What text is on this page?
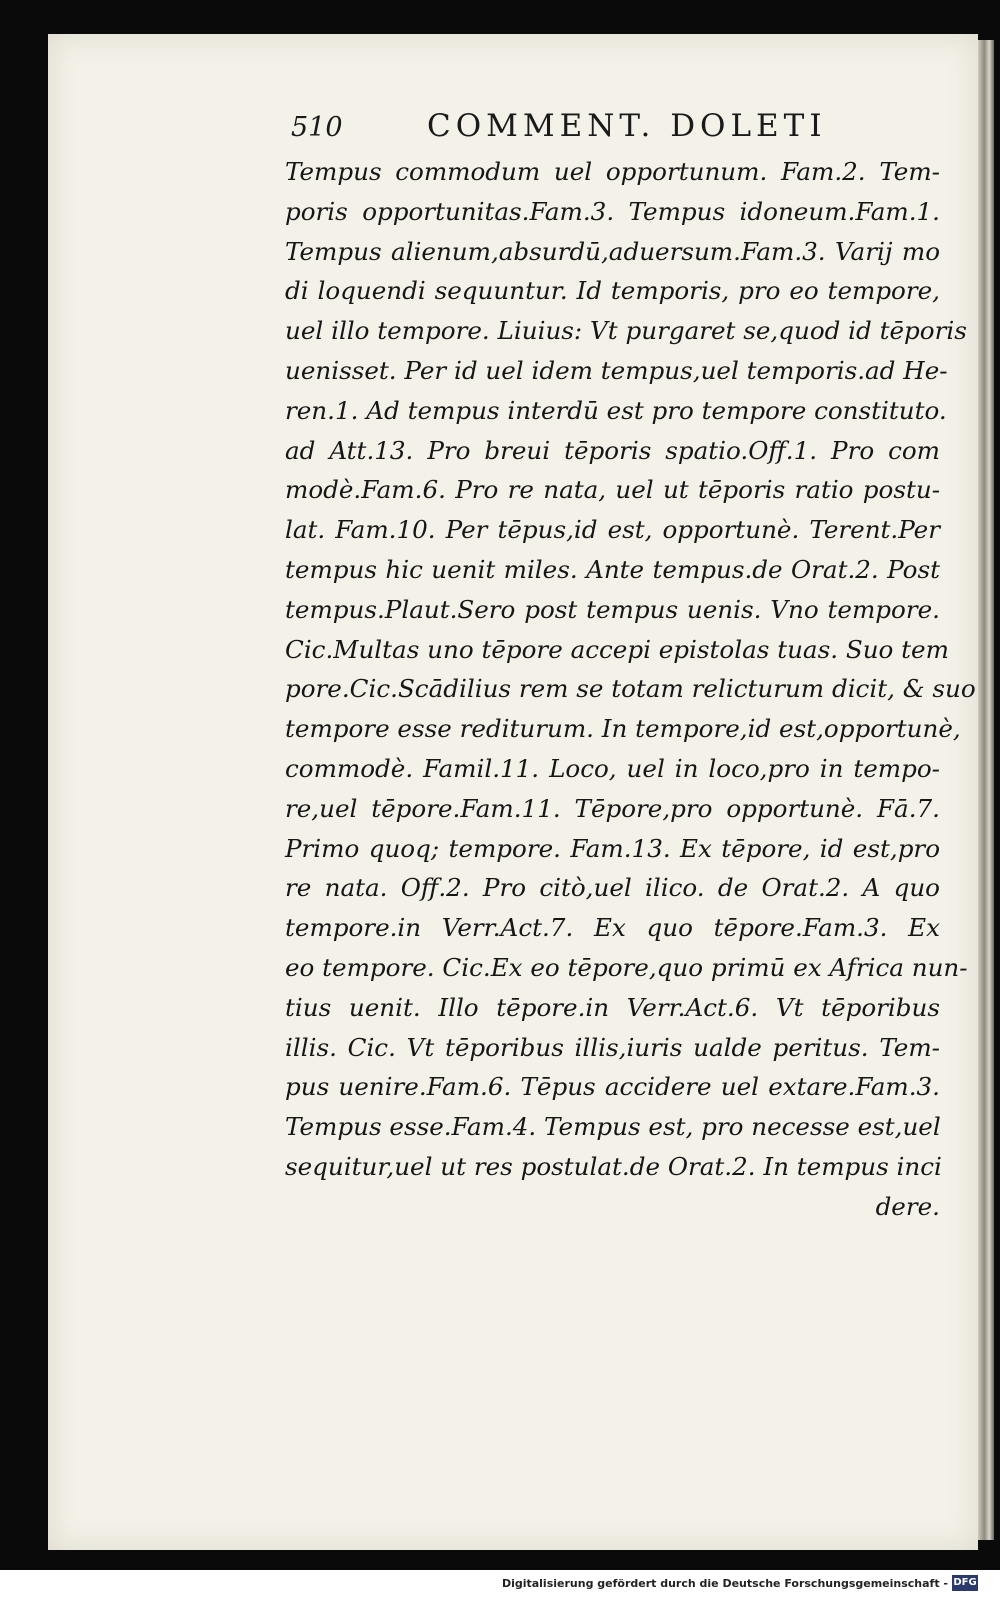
510	COMMENT. DOLETI
Tempus commodum uel opportunum. Fam.2. Tem-
poris opportunitas.Fam.3. Tempus idoneum.Fam.1.
Tempus alienum,absurdū,aduersum.Fam.3. Varij mo
di loquendi sequuntur. Id temporis, pro eo tempore,
uel illo tempore. Liuius: Vt purgaret se,quod id tēporis
uenisset. Per id uel idem tempus,uel temporis.ad He-
ren.1. Ad tempus interdū est pro tempore constituto.
ad Att.13. Pro breui tēporis spatio.Off.1. Pro com
modè.Fam.6. Pro re nata, uel ut tēporis ratio postu-
lat. Fam.10. Per tēpus,id est, opportunè. Terent.Per
tempus hic uenit miles. Ante tempus.de Orat.2. Post
tempus.Plaut.Sero post tempus uenis. Vno tempore.
Cic.Multas uno tēpore accepi epistolas tuas. Suo tem
pore.Cic.Scādilius rem se totam relicturum dicit, & suo
tempore esse rediturum. In tempore,id est,opportunè,
commodè. Famil.11. Loco, uel in loco,pro in tempo-
re,uel tēpore.Fam.11. Tēpore,pro opportunè. Fā.7.
Primo quoq; tempore. Fam.13. Ex tēpore, id est,pro
re nata. Off.2. Pro citò,uel ilico. de Orat.2. A quo
tempore.in Verr.Act.7. Ex quo tēpore.Fam.3. Ex
eo tempore. Cic.Ex eo tēpore,quo primū ex Africa nun-
tius uenit. Illo tēpore.in Verr.Act.6. Vt tēporibus
illis. Cic. Vt tēporibus illis,iuris ualde peritus. Tem-
pus uenire.Fam.6. Tēpus accidere uel extare.Fam.3.
Tempus esse.Fam.4. Tempus est, pro necesse est,uel
sequitur,uel ut res postulat.de Orat.2. In tempus inci
dere.
Digitalisierung gefördert durch die Deutsche Forschungsgemeinschaft - DFG
